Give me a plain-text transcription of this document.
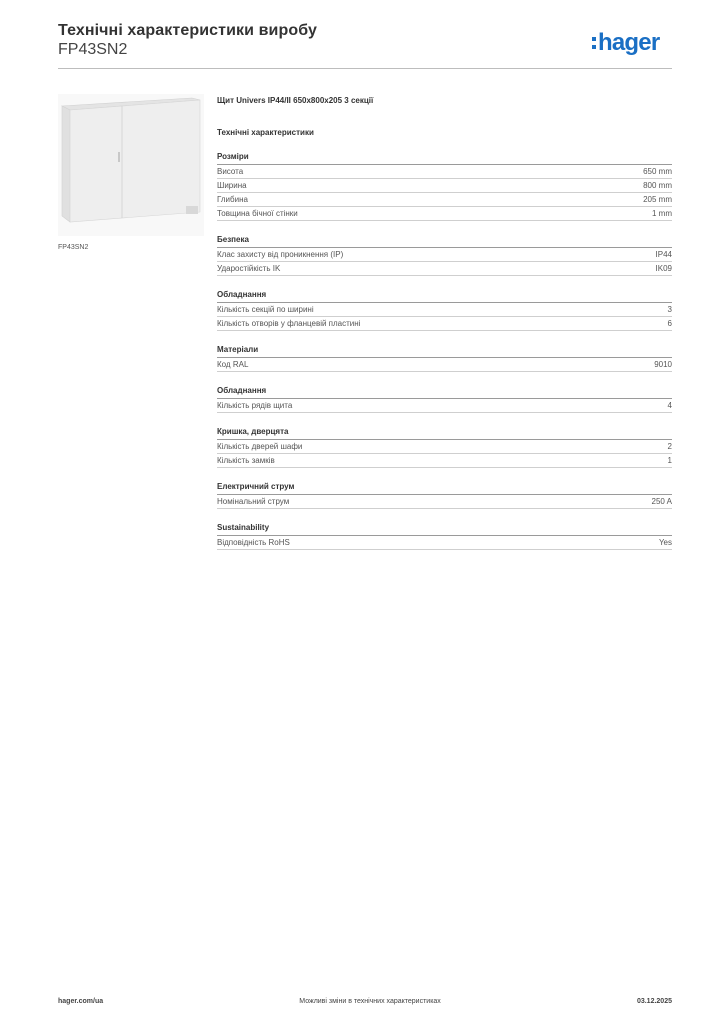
Технічні характеристики виробу
FP43SN2	hager
FP43SN2
Щит Univers IP44/II 650x800x205 3 секції
Технічні характеристики
Розміри
Висота	650 mm
Ширина	800 mm
Глибина	205 mm
Товщина бічної стінки	1 mm
Безпека
Клас захисту від проникнення (IP)	IP44
Ударостійкість IK	IK09
Обладнання
Кількість секцій по ширині	3
Кількість отворів у фланцевій пластині	6
Матеріали
Код RAL	9010
Обладнання
Кількість рядів щита	4
Кришка, дверцята
Кількість дверей шафи	2
Кількість замків	1
Електричний струм
Номінальний струм	250 A
Sustainability
Відповідність RoHS	Yes
hager.com/ua	Можливі зміни в технічних характеристиках	03.12.2025
